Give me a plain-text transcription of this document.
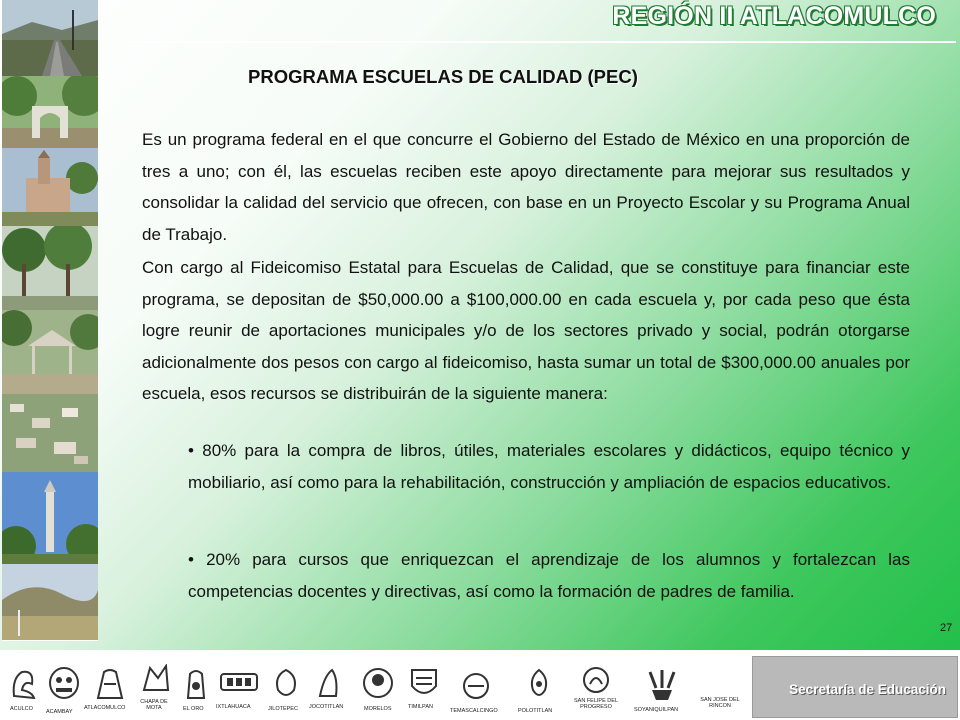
REGIÓN II ATLACOMULCO
PROGRAMA ESCUELAS DE CALIDAD (PEC)

Es un programa federal en el que concurre el Gobierno del Estado de México en una proporción de tres a uno; con él, las escuelas reciben este apoyo directamente para mejorar sus resultados y consolidar la calidad del servicio que ofrecen, con base en un Proyecto Escolar y su Programa Anual de Trabajo.

Con cargo al Fideicomiso Estatal para Escuelas de Calidad, que se constituye para financiar este programa, se depositan de $50,000.00 a $100,000.00 en cada escuela y, por cada peso que ésta logre reunir de aportaciones municipales y/o de los sectores privado y social, podrán otorgarse adicionalmente dos pesos con cargo al fideicomiso, hasta sumar un total de $300,000.00 anuales por escuela, esos recursos se distribuirán de la siguiente manera:

• 80% para la compra de libros, útiles, materiales escolares y didácticos, equipo técnico y mobiliario, así como para la rehabilitación, construcción y ampliación de espacios educativos.

• 20% para cursos que enriquezcan el aprendizaje de los alumnos y fortalezcan las competencias docentes y directivas, así como la formación de padres de familia.

27
ACULCO ACAMBAY
ATLACOMULCO
CHAPA DE MOTA	EL ORO IXTLAHUACA	JILOTEPEC JOCOTITLAN	MORELOS	TIMILPAN
TEMASCALCINGO	POLOTITLAN
SAN FELIPE DEL PROGRESO	SOYANIQUILPAN
SAN JOSE DEL RINCON
Secretaría de Educación
